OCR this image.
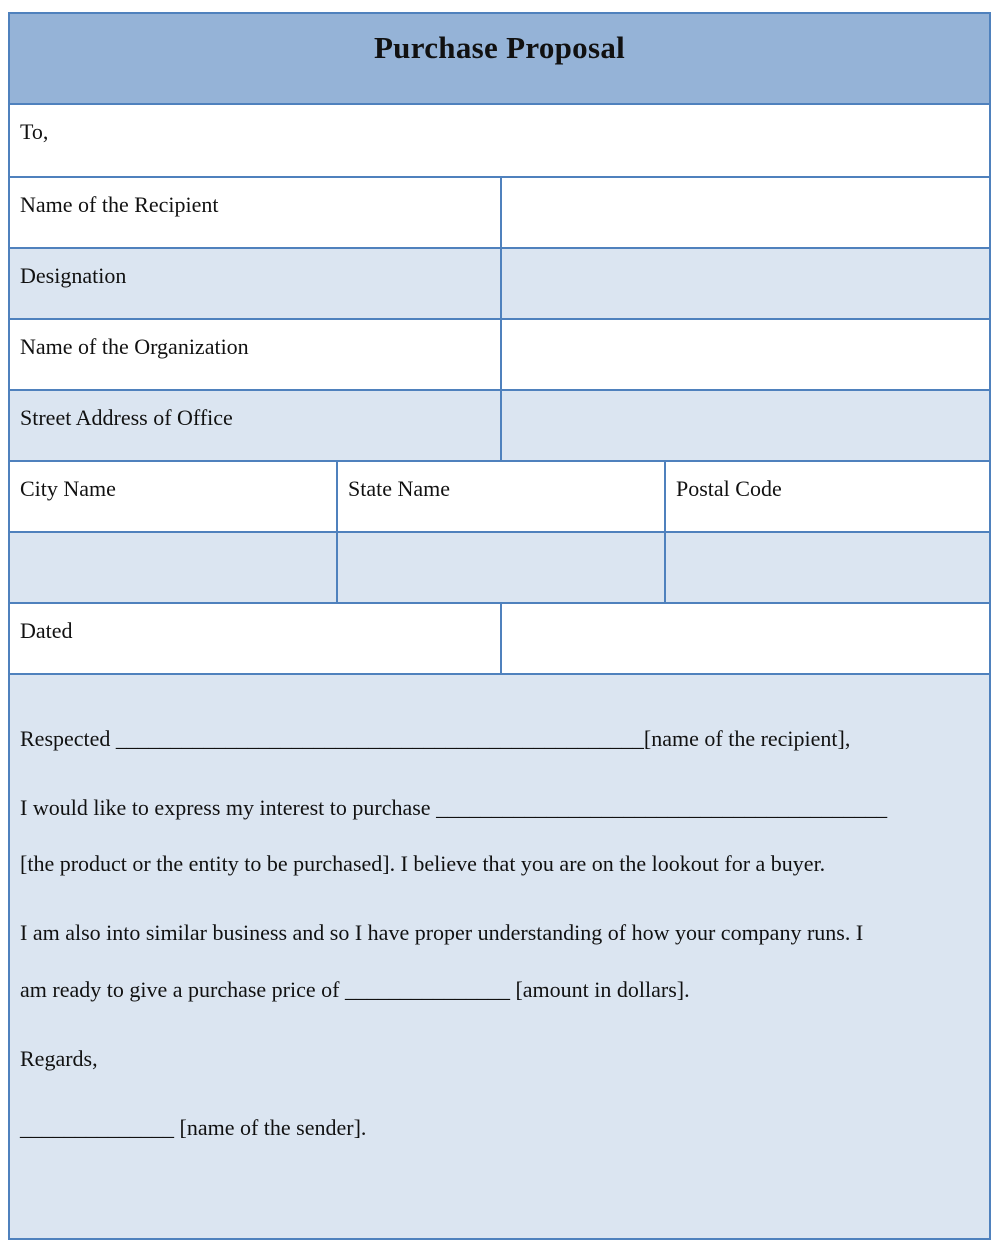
Purchase Proposal
To,
Name of the Recipient
Designation
Name of the Organization
Street Address of Office
City Name	State Name	Postal Code
Dated
Respected ________________________________________________[name of the recipient],
I would like to express my interest to purchase _________________________________________
[the product or the entity to be purchased]. I believe that you are on the lookout for a buyer.
I am also into similar business and so I have proper understanding of how your company runs. I
am ready to give a purchase price of _______________ [amount in dollars].
Regards,
______________ [name of the sender].
